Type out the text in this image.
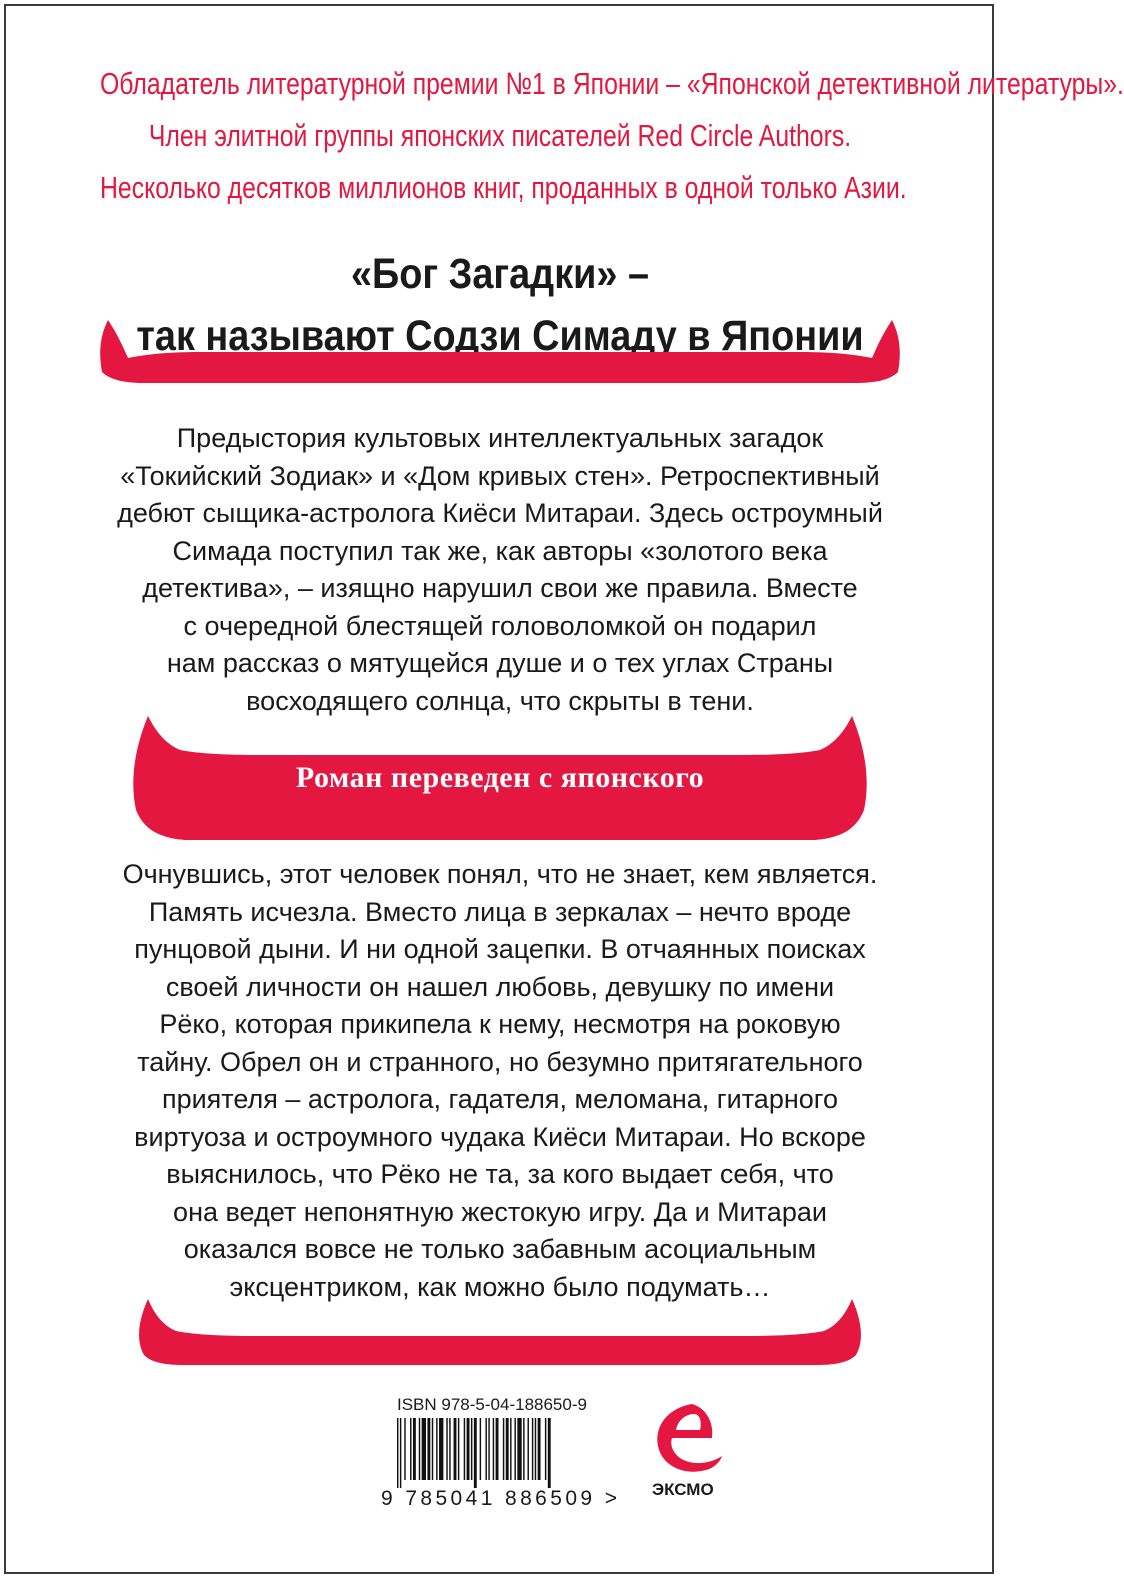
Обладатель литературной премии №1 в Японии – «Японской детективной литературы».
Член элитной группы японских писателей Red Circle Authors.
Несколько десятков миллионов книг, проданных в одной только Азии.
«Бог Загадки» –
так называют Содзи Симаду в Японии
Предыстория культовых интеллектуальных загадок
«Токийский Зодиак» и «Дом кривых стен». Ретроспективный
дебют сыщика-астролога Киёси Митараи. Здесь остроумный
Симада поступил так же, как авторы «золотого века
детектива», – изящно нарушил свои же правила. Вместе
с очередной блестящей головоломкой он подарил
нам рассказ о мятущейся душе и о тех углах Страны
восходящего солнца, что скрыты в тени.
Роман переведен с японского
Очнувшись, этот человек понял, что не знает, кем является.
Память исчезла. Вместо лица в зеркалах – нечто вроде
пунцовой дыни. И ни одной зацепки. В отчаянных поисках
своей личности он нашел любовь, девушку по имени
Рёко, которая прикипела к нему, несмотря на роковую
тайну. Обрел он и странного, но безумно притягательного
приятеля – астролога, гадателя, меломана, гитарного
виртуоза и остроумного чудака Киёси Митараи. Но вскоре
выяснилось, что Рёко не та, за кого выдает себя, что
она ведет непонятную жестокую игру. Да и Митараи
оказался вовсе не только забавным асоциальным
эксцентриком, как можно было подумать…
ISBN 978-5-04-188650-9
9 785041 886509 > ЭКСМО
